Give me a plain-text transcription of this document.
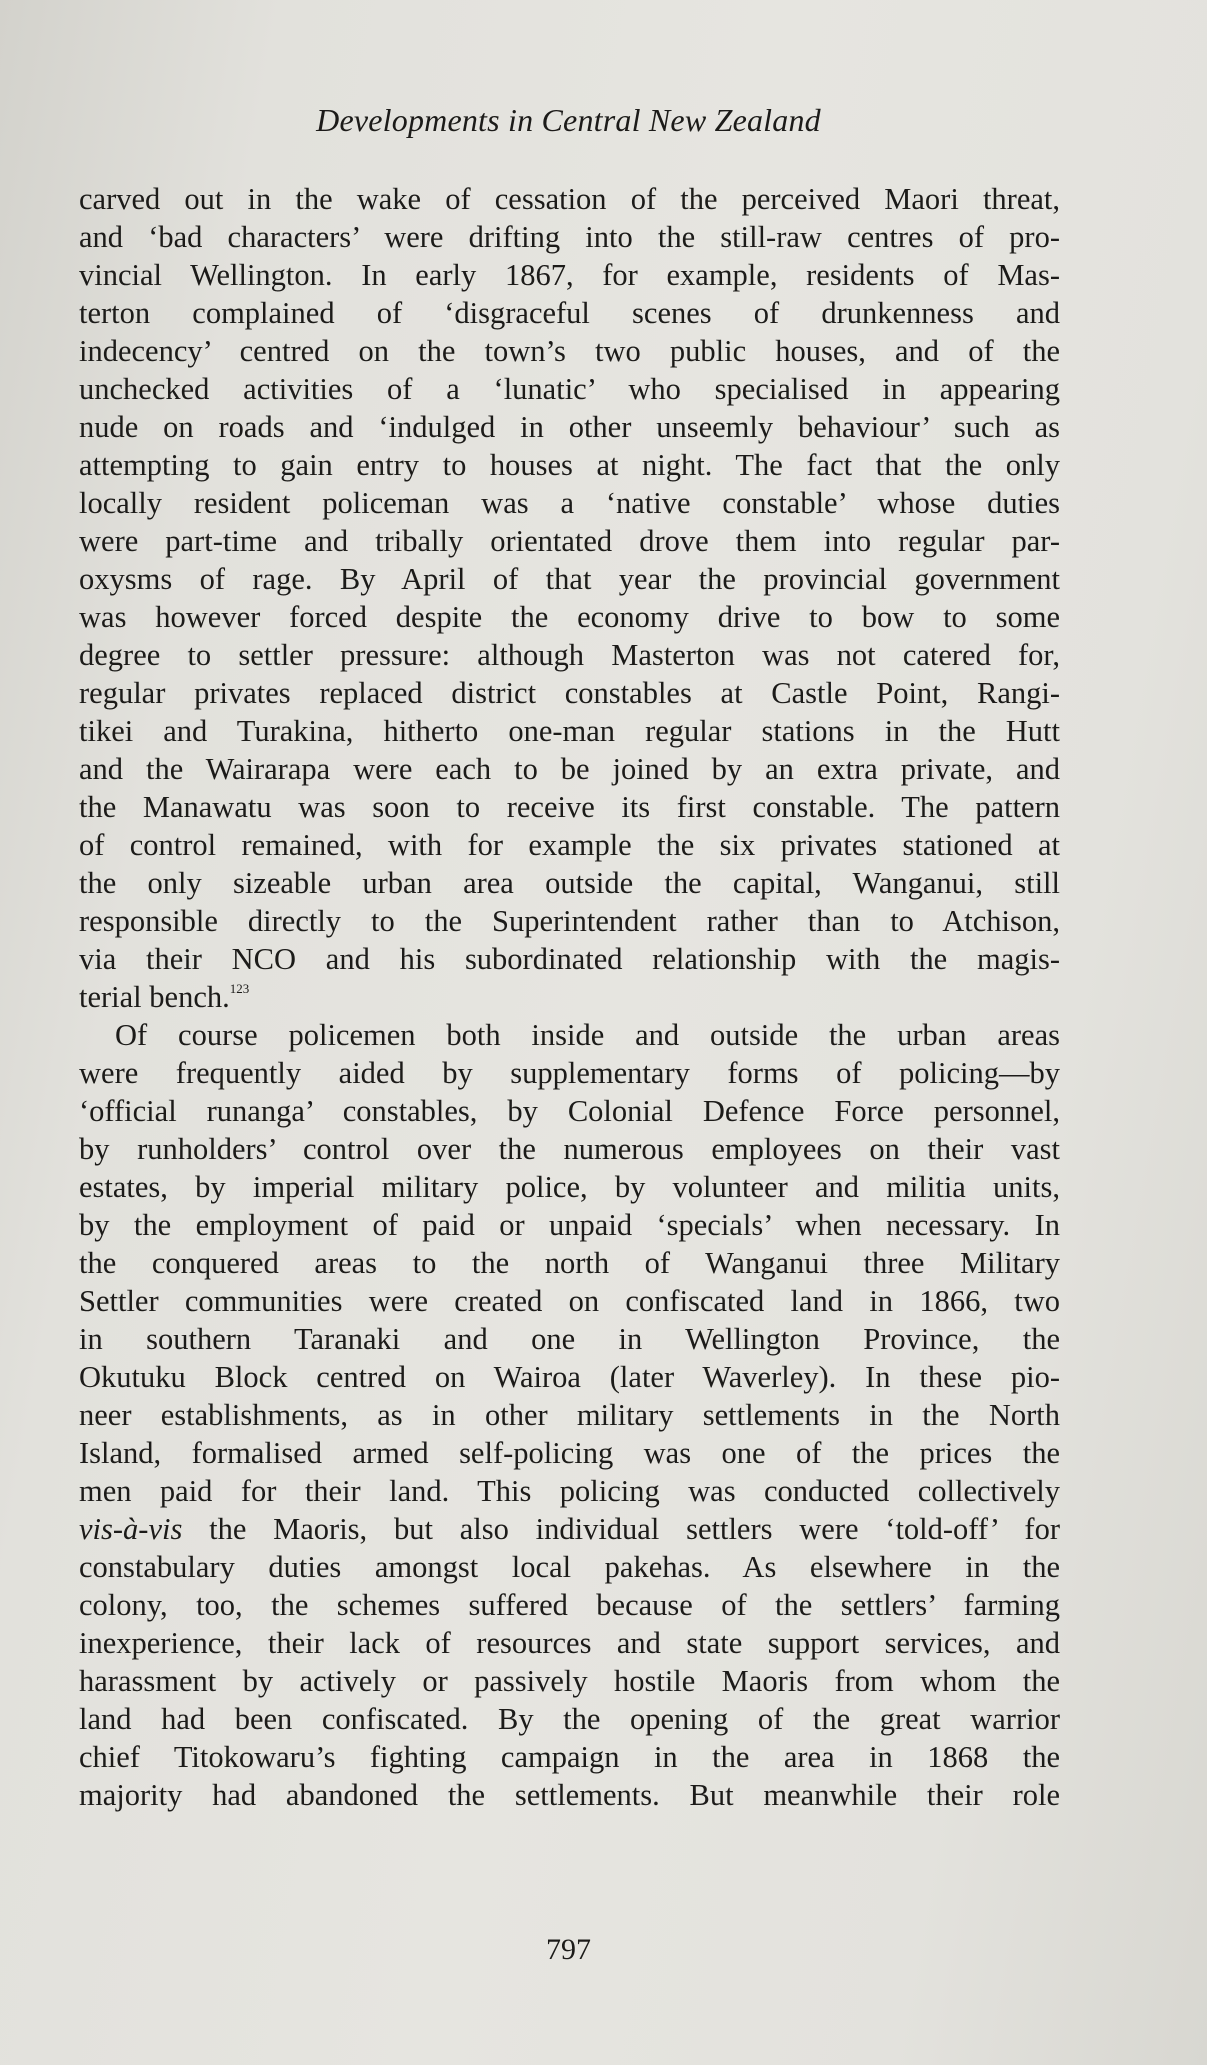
Developments in Central New Zealand
carved out in the wake of cessation of the perceived Maori threat,
and ‘bad characters’ were drifting into the still-raw centres of pro-
vincial Wellington. In early 1867, for example, residents of Mas-
terton complained of ‘disgraceful scenes of drunkenness and
indecency’ centred on the town’s two public houses, and of the
unchecked activities of a ‘lunatic’ who specialised in appearing
nude on roads and ‘indulged in other unseemly behaviour’ such as
attempting to gain entry to houses at night. The fact that the only
locally resident policeman was a ‘native constable’ whose duties
were part-time and tribally orientated drove them into regular par-
oxysms of rage. By April of that year the provincial government
was however forced despite the economy drive to bow to some
degree to settler pressure: although Masterton was not catered for,
regular privates replaced district constables at Castle Point, Rangi-
tikei and Turakina, hitherto one-man regular stations in the Hutt
and the Wairarapa were each to be joined by an extra private, and
the Manawatu was soon to receive its first constable. The pattern
of control remained, with for example the six privates stationed at
the only sizeable urban area outside the capital, Wanganui, still
responsible directly to the Superintendent rather than to Atchison,
via their NCO and his subordinated relationship with the magis-
terial bench.$^{123}$
Of course policemen both inside and outside the urban areas
were frequently aided by supplementary forms of policing—by
‘official runanga’ constables, by Colonial Defence Force personnel,
by runholders’ control over the numerous employees on their vast
estates, by imperial military police, by volunteer and militia units,
by the employment of paid or unpaid ‘specials’ when necessary. In
the conquered areas to the north of Wanganui three Military
Settler communities were created on confiscated land in 1866, two
in southern Taranaki and one in Wellington Province, the
Okutuku Block centred on Wairoa (later Waverley). In these pio-
neer establishments, as in other military settlements in the North
Island, formalised armed self-policing was one of the prices the
men paid for their land. This policing was conducted collectively
vis-à-vis the Maoris, but also individual settlers were ‘told-off’ for
constabulary duties amongst local pakehas. As elsewhere in the
colony, too, the schemes suffered because of the settlers’ farming
inexperience, their lack of resources and state support services, and
harassment by actively or passively hostile Maoris from whom the
land had been confiscated. By the opening of the great warrior
chief Titokowaru’s fighting campaign in the area in 1868 the
majority had abandoned the settlements. But meanwhile their role
797
